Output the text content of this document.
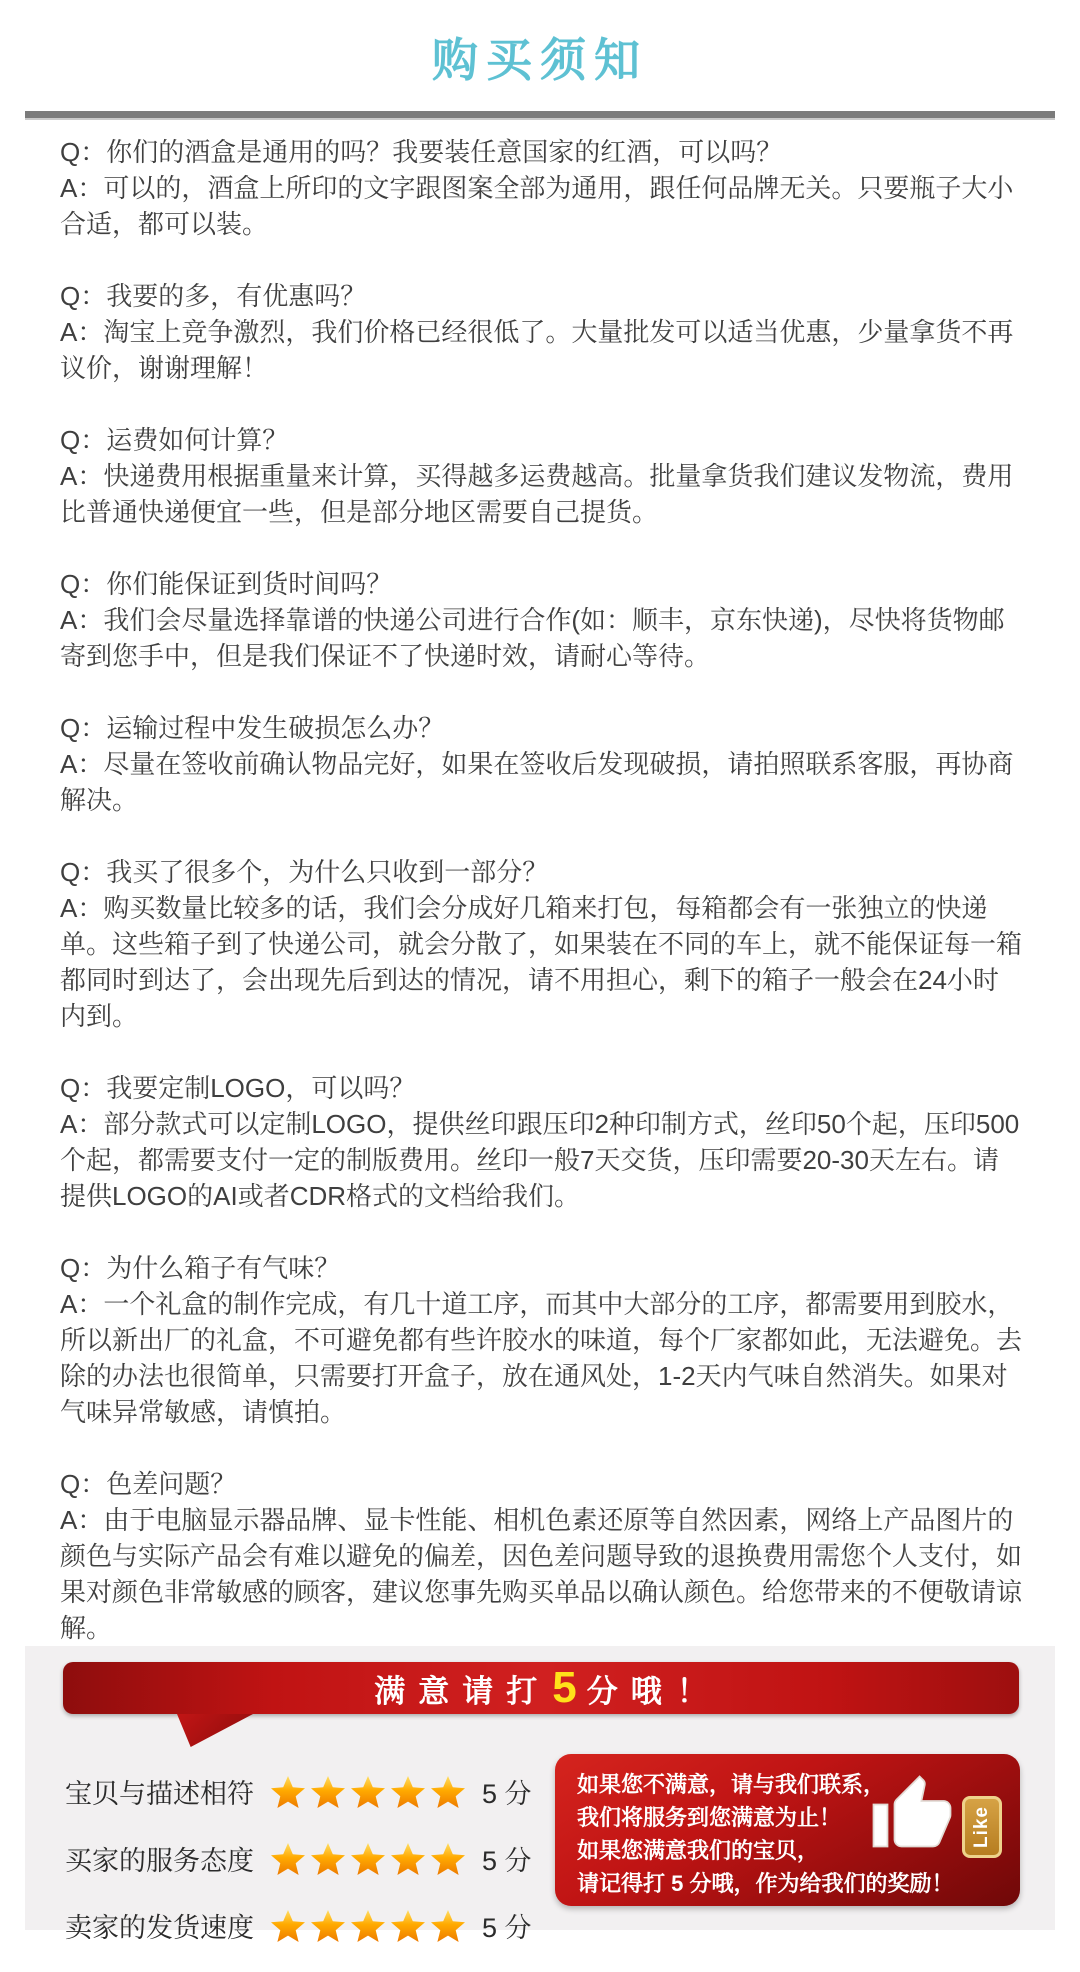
购买须知
Q：你们的酒盒是通用的吗？我要装任意国家的红酒，可以吗？
A：可以的，酒盒上所印的文字跟图案全部为通用，跟任何品牌无关。只要瓶子大小合适，都可以装。
Q：我要的多，有优惠吗？
A：淘宝上竞争激烈，我们价格已经很低了。大量批发可以适当优惠，少量拿货不再议价，谢谢理解！
Q：运费如何计算？
A：快递费用根据重量来计算，买得越多运费越高。批量拿货我们建议发物流，费用比普通快递便宜一些，但是部分地区需要自己提货。
Q：你们能保证到货时间吗？
A：我们会尽量选择靠谱的快递公司进行合作(如：顺丰，京东快递)，尽快将货物邮寄到您手中，但是我们保证不了快递时效，请耐心等待。
Q：运输过程中发生破损怎么办？
A：尽量在签收前确认物品完好，如果在签收后发现破损，请拍照联系客服，再协商解决。
Q：我买了很多个，为什么只收到一部分？
A：购买数量比较多的话，我们会分成好几箱来打包，每箱都会有一张独立的快递单。这些箱子到了快递公司，就会分散了，如果装在不同的车上，就不能保证每一箱都同时到达了，会出现先后到达的情况，请不用担心，剩下的箱子一般会在24小时内到。
Q：我要定制LOGO，可以吗？
A：部分款式可以定制LOGO，提供丝印跟压印2种印制方式，丝印50个起，压印500个起，都需要支付一定的制版费用。丝印一般7天交货，压印需要20-30天左右。请提供LOGO的AI或者CDR格式的文档给我们。
Q：为什么箱子有气味？
A：一个礼盒的制作完成，有几十道工序，而其中大部分的工序，都需要用到胶水，所以新出厂的礼盒，不可避免都有些许胶水的味道，每个厂家都如此，无法避免。去除的办法也很简单，只需要打开盒子，放在通风处，1-2天内气味自然消失。如果对气味异常敏感，请慎拍。
Q：色差问题？
A：由于电脑显示器品牌、显卡性能、相机色素还原等自然因素，网络上产品图片的颜色与实际产品会有难以避免的偏差，因色差问题导致的退换费用需您个人支付，如果对颜色非常敏感的顾客，建议您事先购买单品以确认颜色。给您带来的不便敬请谅解。
满意请打 5 分哦 ！
宝贝与描述相符	5 分
买家的服务态度	5 分
卖家的发货速度	5 分
如果您不满意，请与我们联系，
我们将服务到您满意为止！
如果您满意我们的宝贝，
请记得打 5 分哦，作为给我们的奖励！
Like
